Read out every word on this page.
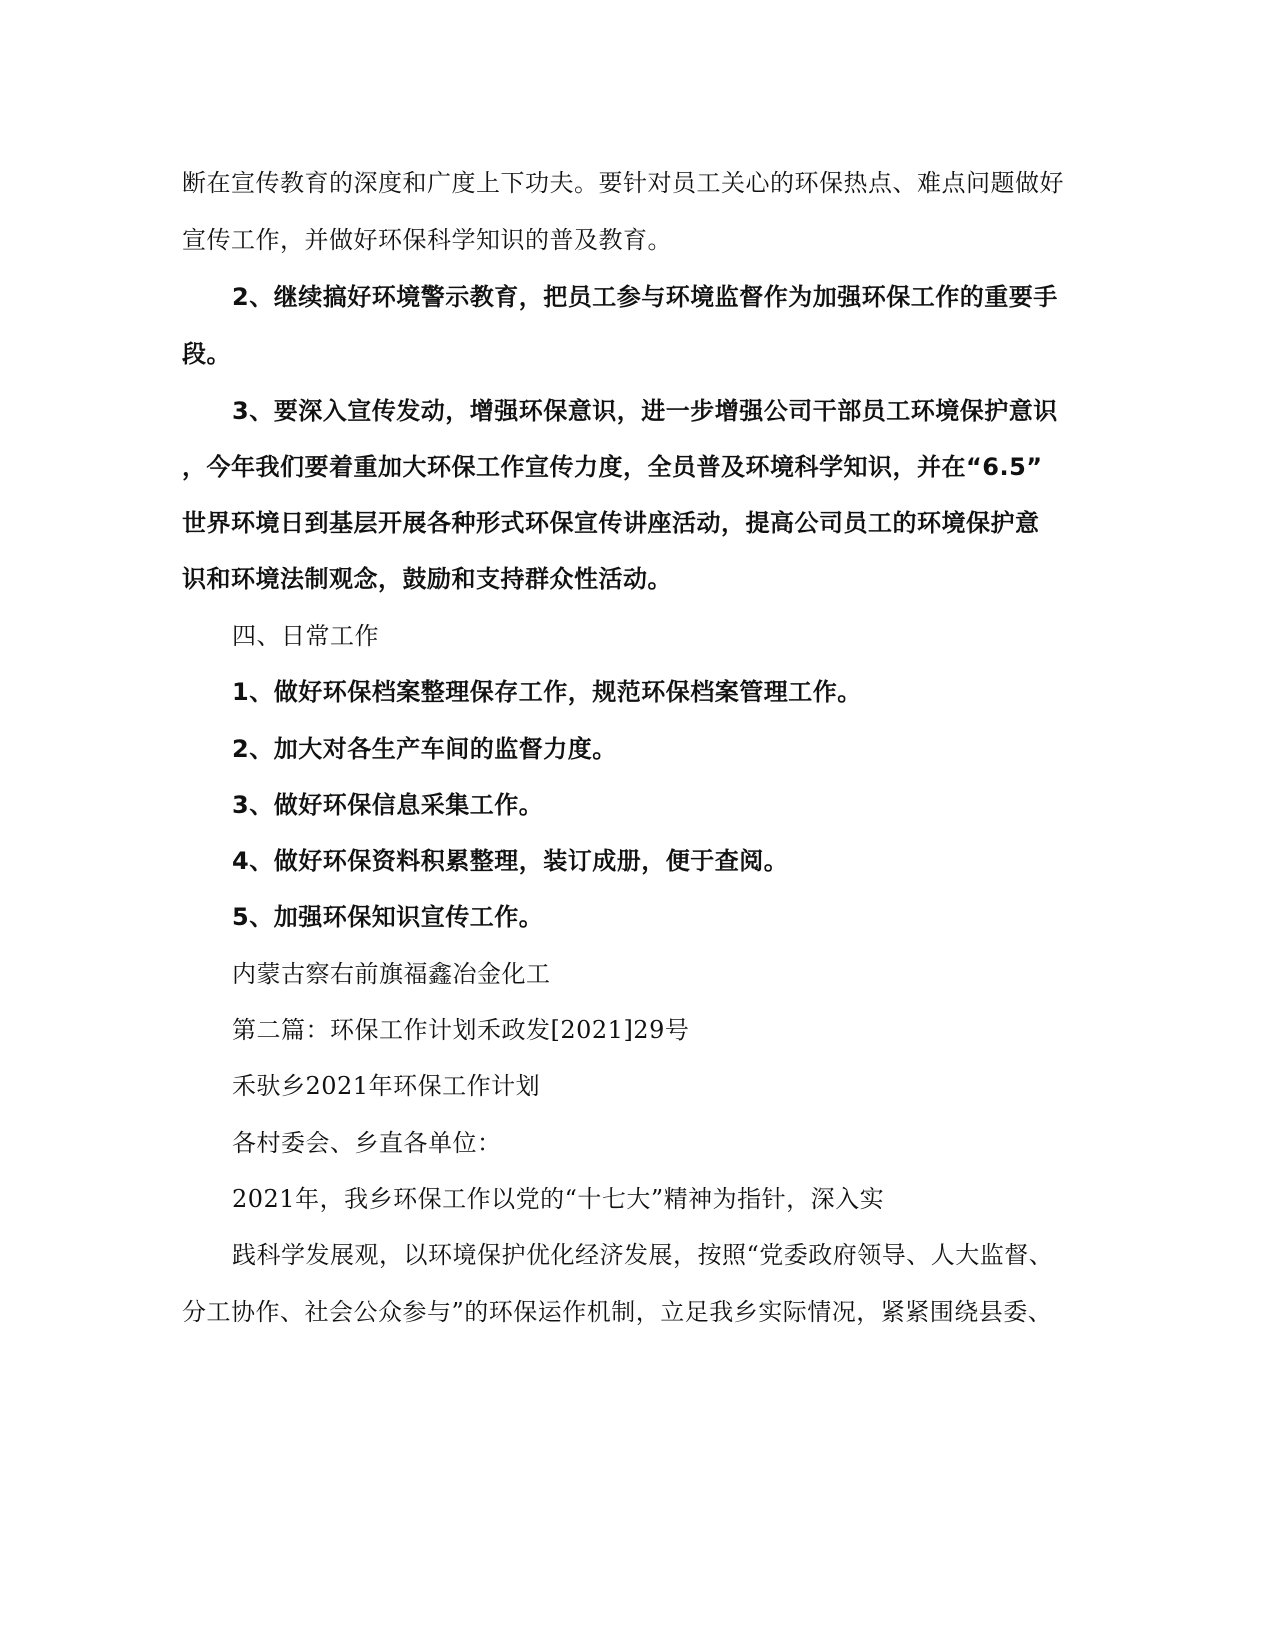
断在宣传教育的深度和广度上下功夫。要针对员工关心的环保热点、难点问题做好
宣传工作，并做好环保科学知识的普及教育。
2、继续搞好环境警示教育，把员工参与环境监督作为加强环保工作的重要手
段。
3、要深入宣传发动，增强环保意识，进一步增强公司干部员工环境保护意识
，今年我们要着重加大环保工作宣传力度，全员普及环境科学知识，并在“6.5”
世界环境日到基层开展各种形式环保宣传讲座活动，提高公司员工的环境保护意
识和环境法制观念，鼓励和支持群众性活动。
四、日常工作
1、做好环保档案整理保存工作，规范环保档案管理工作。
2、加大对各生产车间的监督力度。
3、做好环保信息采集工作。
4、做好环保资料积累整理，装订成册，便于查阅。
5、加强环保知识宣传工作。
内蒙古察右前旗福鑫冶金化工
第二篇：环保工作计划禾政发[2021]29号
禾驮乡2021年环保工作计划
各村委会、乡直各单位：
2021年，我乡环保工作以党的“十七大”精神为指针，深入实
践科学发展观，以环境保护优化经济发展，按照“党委政府领导、人大监督、
分工协作、社会公众参与”的环保运作机制，立足我乡实际情况，紧紧围绕县委、
